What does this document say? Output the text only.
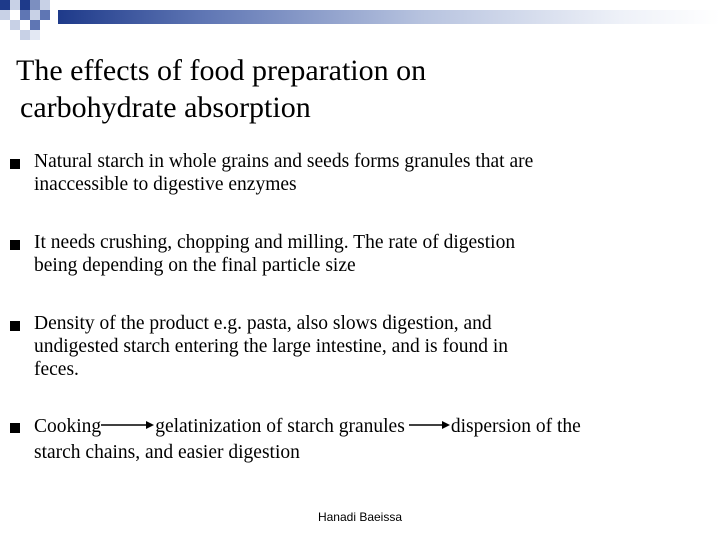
The effects of food preparation on
carbohydrate absorption
Natural starch in whole grains and seeds forms granules that are
inaccessible to digestive enzymes
It needs crushing, chopping and milling. The rate of digestion
being depending on the final particle size
Density of the product e.g. pasta, also slows digestion, and
undigested starch entering the large intestine, and is found in
feces.
Cooking	gelatinization of starch granules dispersion of the
starch chains, and easier digestion
Hanadi Baeissa
